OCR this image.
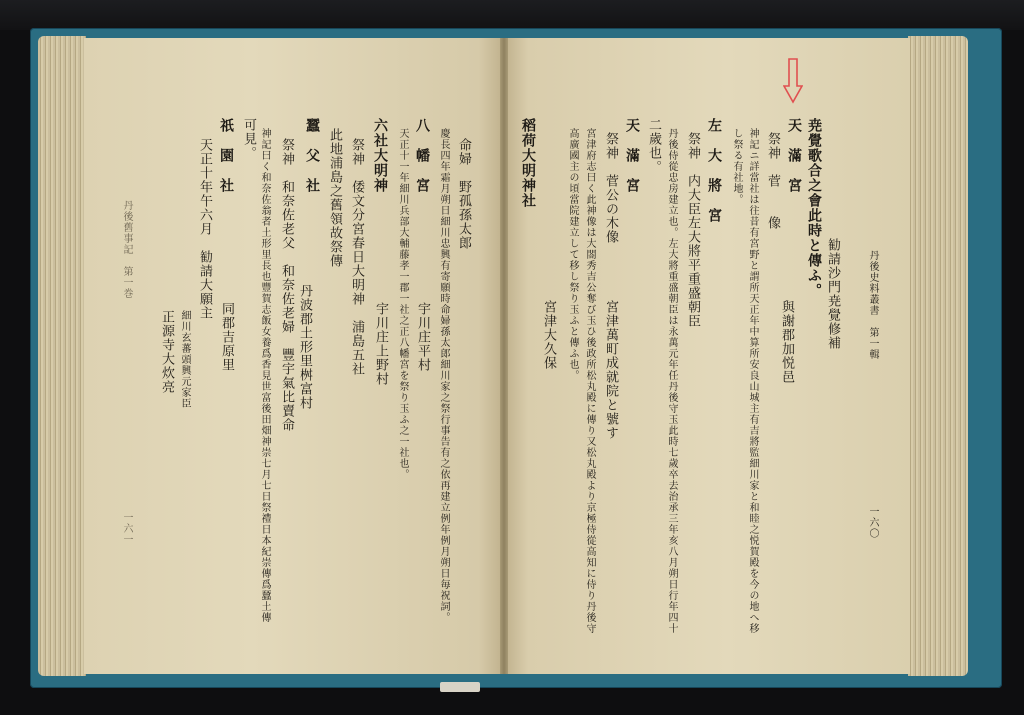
丹後史料叢書　第一輯
一六〇
勧請沙門尭覺修補
尭覺歌合之會此時と傳ふ。
與謝郡加悦邑
天　滿　宮
祭神　菅　　像
神記ニ詳當社は往昔有宮野と謂所天正年中算所安良山城主有吉將監細川家と和睦之悦賀殿を今の地へ移
し祭る有社地。
左　大　將　宮
祭神　内大臣左大將平重盛朝臣
丹後侍從忠房建立也。左大將重盛朝臣は永萬元年任丹後守玉此時七歲卒去治承三年亥八月朔日行年四十
二歲也。
天　滿　宮
祭神　菅公の木像
宮津萬町成就院と號す
宮津府志曰く此神像は大閤秀吉公奪び玉ひ後政所松丸殿に傳り又松丸殿より京極侍從高知に侍り丹後守
高廣國主の頃當院建立して移し祭り玉ふと傳ふ也。
宮津大久保
稻荷大明神社
命婦　野孤孫太郎
慶長四年霜月朔日細川忠興有寄願時命婦孫太郎細川家之祭行事告有之依再建立例年例月朔日毎祝詞。
八　幡　宮
宇川庄平村
天正十一年細川兵部大輔藤孝一郡一社之正八幡宮を祭り玉ふ之一社也。
六社大明神
宇川庄上野村
祭神　倭文分宮春日大明神　浦島五社
此地浦島之舊領故祭傳
蠶　父　社
丹波郡土形里桝富村
祭神　和奈佐老父　和奈佐老婦　豐宇氣比賣命
神記曰く和奈佐翁者土形里長也豐賀志飯女養爲香見世富後田畑神崇七月七日祭禮日本紀崇傳爲蠶土傳
可見。
祇　園　社
同郡吉原里
天正十年午六月　勧請大願主
細川玄蕃頭興元家臣
正源寺大炊亮
丹後舊事記　第一巻
一六一
